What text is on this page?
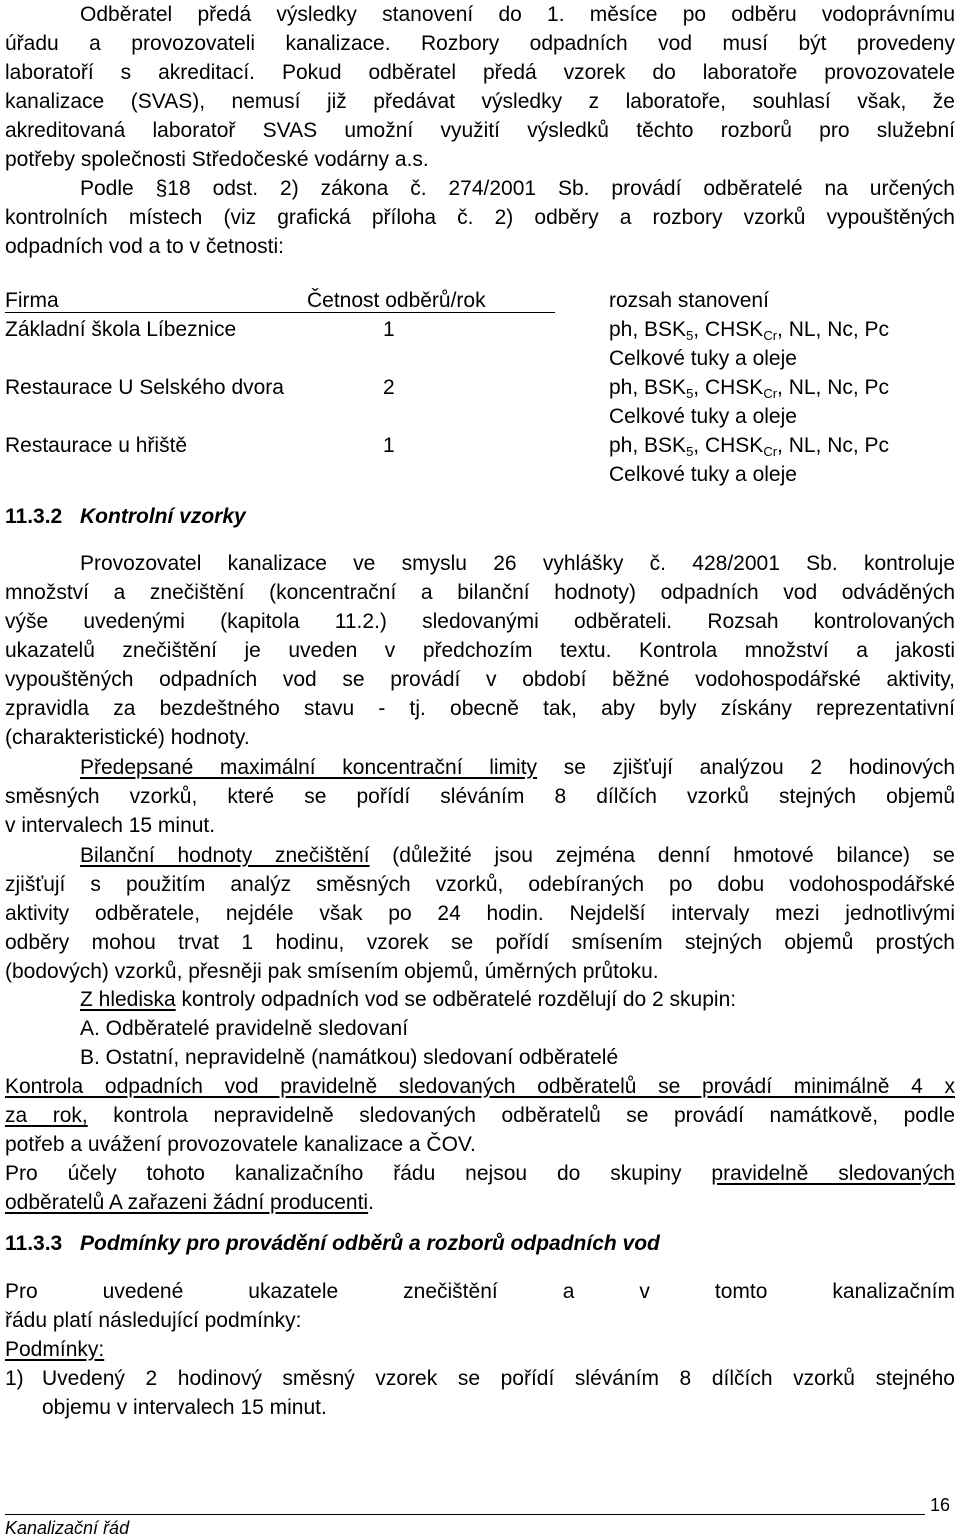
Odběratel předá výsledky stanovení do 1. měsíce po odběru vodoprávnímu
úřadu a provozovateli kanalizace. Rozbory odpadních vod musí být provedeny
laboratoří s akreditací. Pokud odběratel předá vzorek do laboratoře provozovatele
kanalizace (SVAS), nemusí již předávat výsledky z laboratoře, souhlasí však, že
akreditovaná laboratoř SVAS umožní využití výsledků těchto rozborů pro služební
potřeby společnosti Středočeské vodárny a.s.
Podle §18 odst. 2) zákona č. 274/2001 Sb. provádí odběratelé na určených
kontrolních místech (viz grafická příloha č. 2) odběry a rozbory vzorků vypouštěných
odpadních vod a to v četnosti:
Firma	Četnost odběrů/rok	rozsah stanovení
Základní škola Líbeznice	1	ph, $BSK_5$, $CHSK_{Cr}$, NL, Nc, Pc
Celkové tuky a oleje
Restaurace U Selského dvora	2	ph, $BSK_5$, $CHSK_{Cr}$, NL, Nc, Pc
Celkové tuky a oleje
Restaurace u hřiště	1	ph, $BSK_5$, $CHSK_{Cr}$, NL, Nc, Pc
Celkové tuky a oleje
11.3.2 Kontrolní vzorky
Provozovatel kanalizace ve smyslu 26 vyhlášky č. 428/2001 Sb. kontroluje
množství a znečištění (koncentrační a bilanční hodnoty) odpadních vod odváděných
výše uvedenými (kapitola 11.2.) sledovanými odběrateli. Rozsah kontrolovaných
ukazatelů znečištění je uveden v předchozím textu. Kontrola množství a jakosti
vypouštěných odpadních vod se provádí v období běžné vodohospodářské aktivity,
zpravidla za bezdeštného stavu - tj. obecně tak, aby byly získány reprezentativní
(charakteristické) hodnoty.
Předepsané maximální koncentrační limity se zjišťují analýzou 2 hodinových
směsných vzorků, které se pořídí sléváním 8 dílčích vzorků stejných objemů
v intervalech 15 minut.
Bilanční hodnoty znečištění (důležité jsou zejména denní hmotové bilance) se
zjišťují s použitím analýz směsných vzorků, odebíraných po dobu vodohospodářské
aktivity odběratele, nejdéle však po 24 hodin. Nejdelší intervaly mezi jednotlivými
odběry mohou trvat 1 hodinu, vzorek se pořídí smísením stejných objemů prostých
(bodových) vzorků, přesněji pak smísením objemů, úměrných průtoku.
Z hlediska kontroly odpadních vod se odběratelé rozdělují do 2 skupin:
A. Odběratelé pravidelně sledovaní
B. Ostatní, nepravidelně (namátkou) sledovaní odběratelé
Kontrola odpadních vod pravidelně sledovaných odběratelů se provádí minimálně 4 x
za rok, kontrola nepravidelně sledovaných odběratelů se provádí namátkově, podle
potřeb a uvážení provozovatele kanalizace a ČOV.
Pro účely tohoto kanalizačního řádu nejsou do skupiny pravidelně sledovaných
odběratelů A zařazeni žádní producenti.
11.3.3 Podmínky pro provádění odběrů a rozborů odpadních vod
Pro uvedené ukazatele znečištění a v tomto kanalizačním
řádu platí následující podmínky:
Podmínky:
1) Uvedený 2 hodinový směsný vzorek se pořídí sléváním 8 dílčích vzorků stejného
objemu v intervalech 15 minut.
16
Kanalizační řád
